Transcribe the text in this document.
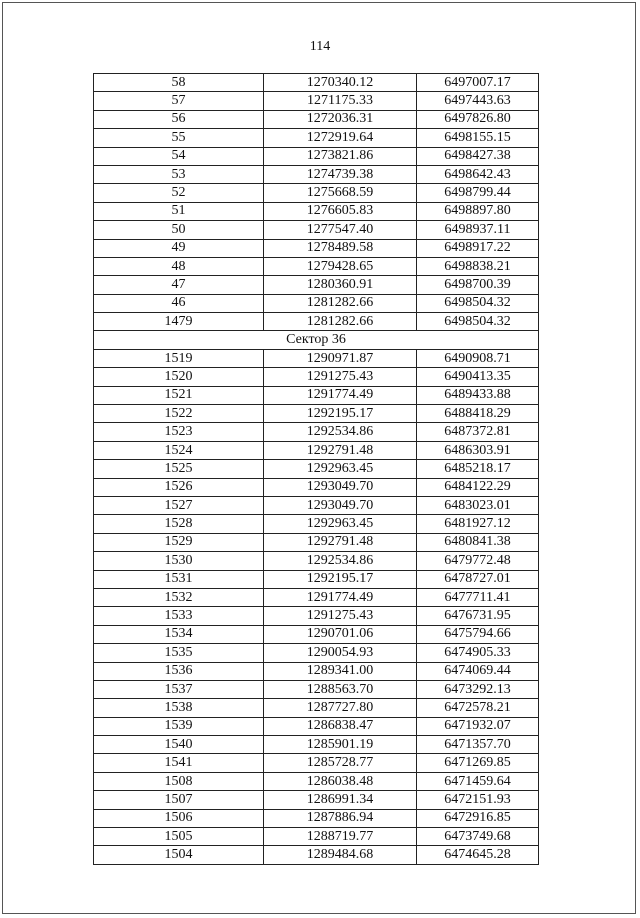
114
58	1270340.12	6497007.17
57	1271175.33	6497443.63
56	1272036.31	6497826.80
55	1272919.64	6498155.15
54	1273821.86	6498427.38
53	1274739.38	6498642.43
52	1275668.59	6498799.44
51	1276605.83	6498897.80
50	1277547.40	6498937.11
49	1278489.58	6498917.22
48	1279428.65	6498838.21
47	1280360.91	6498700.39
46	1281282.66	6498504.32
1479	1281282.66	6498504.32
Сектор 36		
1519	1290971.87	6490908.71
1520	1291275.43	6490413.35
1521	1291774.49	6489433.88
1522	1292195.17	6488418.29
1523	1292534.86	6487372.81
1524	1292791.48	6486303.91
1525	1292963.45	6485218.17
1526	1293049.70	6484122.29
1527	1293049.70	6483023.01
1528	1292963.45	6481927.12
1529	1292791.48	6480841.38
1530	1292534.86	6479772.48
1531	1292195.17	6478727.01
1532	1291774.49	6477711.41
1533	1291275.43	6476731.95
1534	1290701.06	6475794.66
1535	1290054.93	6474905.33
1536	1289341.00	6474069.44
1537	1288563.70	6473292.13
1538	1287727.80	6472578.21
1539	1286838.47	6471932.07
1540	1285901.19	6471357.70
1541	1285728.77	6471269.85
1508	1286038.48	6471459.64
1507	1286991.34	6472151.93
1506	1287886.94	6472916.85
1505	1288719.77	6473749.68
1504	1289484.68	6474645.28
